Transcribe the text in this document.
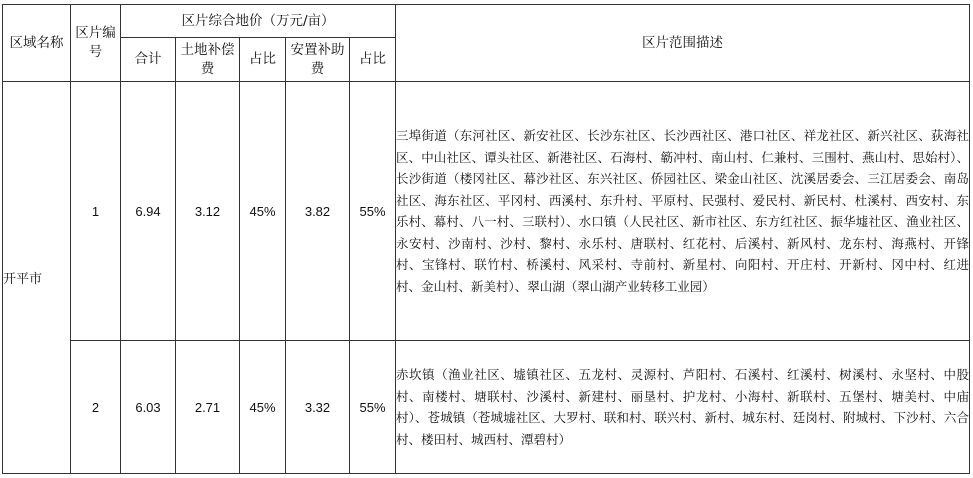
区域名称	区片编号	区片综合地价（万元/亩）					区片范围描述
		合计	土地补偿费	占比	安置补助费	占比	
开平市	1	6.94	3.12	45%	3.82	55%	三埠街道（东河社区、新安社区、长沙东社区、长沙西社区、港口社区、祥龙社区、新兴社区、荻海社区、中山社区、谭头社区、新港社区、石海村、簕冲村、南山村、仁兼村、三围村、燕山村、思始村）、长沙街道（楼冈社区、幕沙社区、东兴社区、侨园社区、梁金山社区、沈溪居委会、三江居委会、南岛社区、海东社区、平冈村、西溪村、东升村、平原村、民强村、爱民村、新民村、杜溪村、西安村、东乐村、幕村、八一村、三联村）、水口镇（人民社区、新市社区、东方红社区、振华墟社区、渔业社区、永安村、沙南村、沙村、黎村、永乐村、唐联村、红花村、后溪村、新风村、龙东村、海燕村、开锋村、宝锋村、联竹村、桥溪村、风采村、寺前村、新星村、向阳村、开庄村、开新村、冈中村、红进村、金山村、新美村）、翠山湖（翠山湖产业转移工业园）
	2	6.03	2.71	45%	3.32	55%	赤坎镇（渔业社区、墟镇社区、五龙村、灵源村、芦阳村、石溪村、红溪村、树溪村、永坚村、中股村、南楼村、塘联村、沙溪村、新建村、丽垦村、护龙村、小海村、新联村、五堡村、塘美村、中庙村）、苍城镇（苍城墟社区、大罗村、联和村、联兴村、新村、城东村、廷岗村、附城村、下沙村、六合村、楼田村、城西村、潭碧村）
